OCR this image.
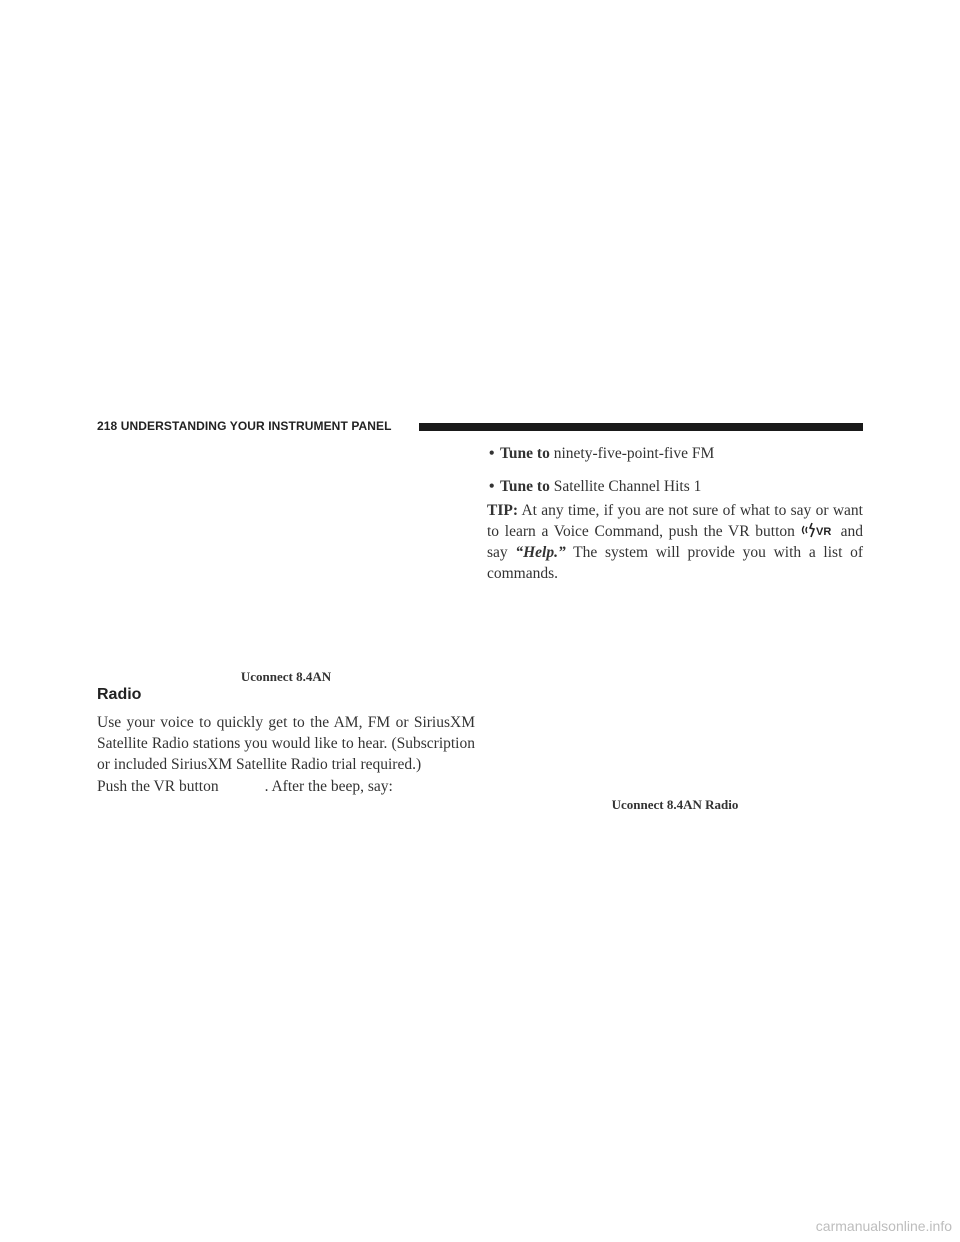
218 UNDERSTANDING YOUR INSTRUMENT PANEL
Uconnect 8.4AN
Radio
Use your voice to quickly get to the AM, FM or SiriusXM Satellite Radio stations you would like to hear. (Subscription or included SiriusXM Satellite Radio trial required.)
Push the VR button	. After the beep, say:
• Tune to ninety-five-point-five FM
• Tune to Satellite Channel Hits 1
TIP: At any time, if you are not sure of what to say or want to learn a Voice Command, push the VR button VR and say “Help.” The system will provide you with a list of commands.
Uconnect 8.4AN Radio
carmanualsonline.info
